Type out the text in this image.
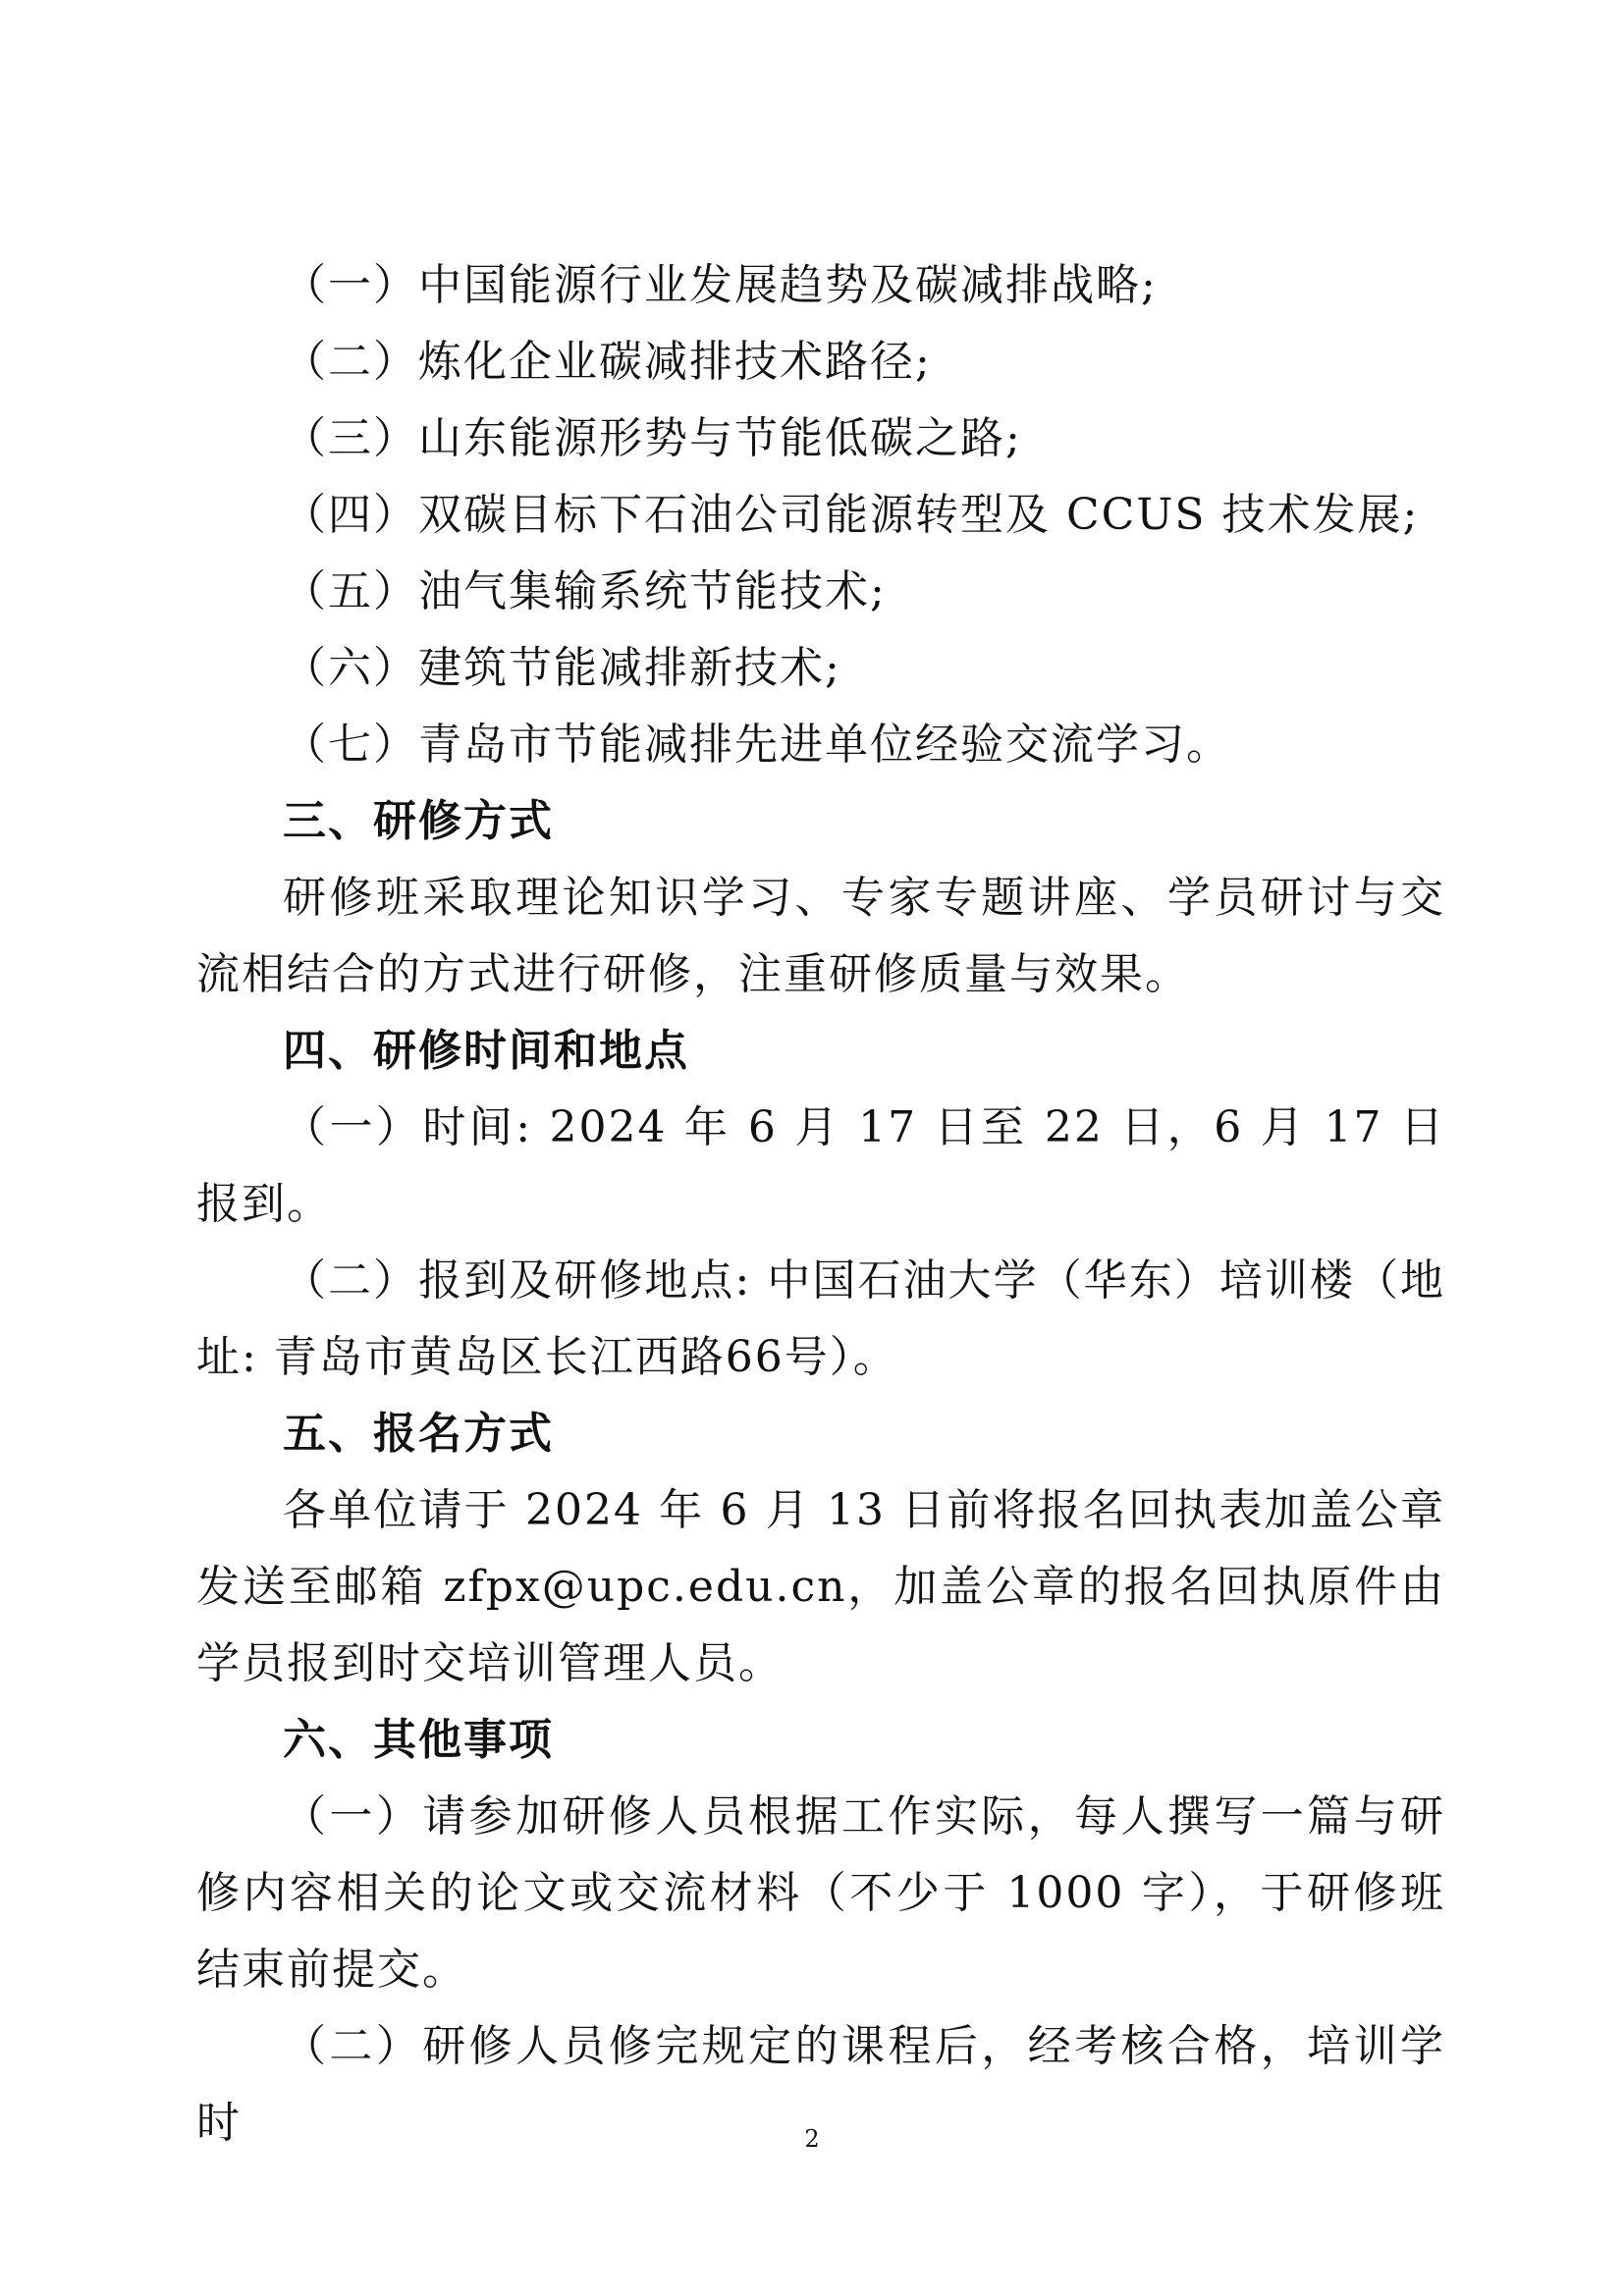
（一）中国能源行业发展趋势及碳减排战略;
（二）炼化企业碳减排技术路径;
（三）山东能源形势与节能低碳之路;
（四）双碳目标下石油公司能源转型及 CCUS 技术发展;
（五）油气集输系统节能技术;
（六）建筑节能减排新技术;
（七）青岛市节能减排先进单位经验交流学习。
三、研修方式
研修班采取理论知识学习、专家专题讲座、学员研讨与交流相结合的方式进行研修，注重研修质量与效果。
四、研修时间和地点
（一）时间: 2024 年 6 月 17 日至 22 日，6 月 17 日报到。
（二）报到及研修地点: 中国石油大学（华东）培训楼（地址: 青岛市黄岛区长江西路66号）。
五、报名方式
各单位请于 2024 年 6 月 13 日前将报名回执表加盖公章发送至邮箱 zfpx@upc.edu.cn，加盖公章的报名回执原件由学员报到时交培训管理人员。
六、其他事项
（一）请参加研修人员根据工作实际，每人撰写一篇与研修内容相关的论文或交流材料（不少于 1000 字），于研修班结束前提交。
（二）研修人员修完规定的课程后，经考核合格，培训学时	2
